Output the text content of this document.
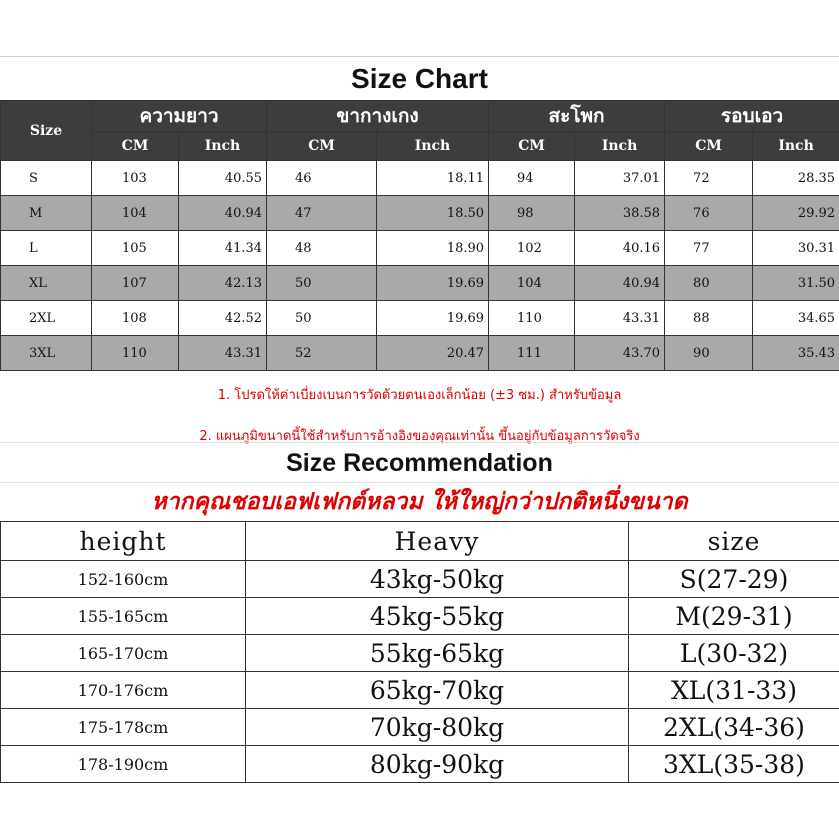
Size Chart
Size	ความยาว		ขากางเกง		สะโพก		รอบเอว	
	CM	Inch	CM	Inch	CM	Inch	CM	Inch
S	103	40.55	46	18.11	94	37.01	72	28.35
M	104	40.94	47	18.50	98	38.58	76	29.92
L	105	41.34	48	18.90	102	40.16	77	30.31
XL	107	42.13	50	19.69	104	40.94	80	31.50
2XL	108	42.52	50	19.69	110	43.31	88	34.65
3XL	110	43.31	52	20.47	111	43.70	90	35.43
1. โปรดให้ค่าเบี่ยงเบนการวัดด้วยตนเองเล็กน้อย (±3 ซม.) สำหรับข้อมูล
2. แผนภูมิขนาดนี้ใช้สำหรับการอ้างอิงของคุณเท่านั้น ขึ้นอยู่กับข้อมูลการวัดจริง
Size Recommendation
หากคุณชอบเอฟเฟกต์หลวม ให้ใหญ่กว่าปกติหนึ่งขนาด
height	Heavy	size
152-160cm	43kg-50kg	S(27-29)
155-165cm	45kg-55kg	M(29-31)
165-170cm	55kg-65kg	L(30-32)
170-176cm	65kg-70kg	XL(31-33)
175-178cm	70kg-80kg	2XL(34-36)
178-190cm	80kg-90kg	3XL(35-38)
